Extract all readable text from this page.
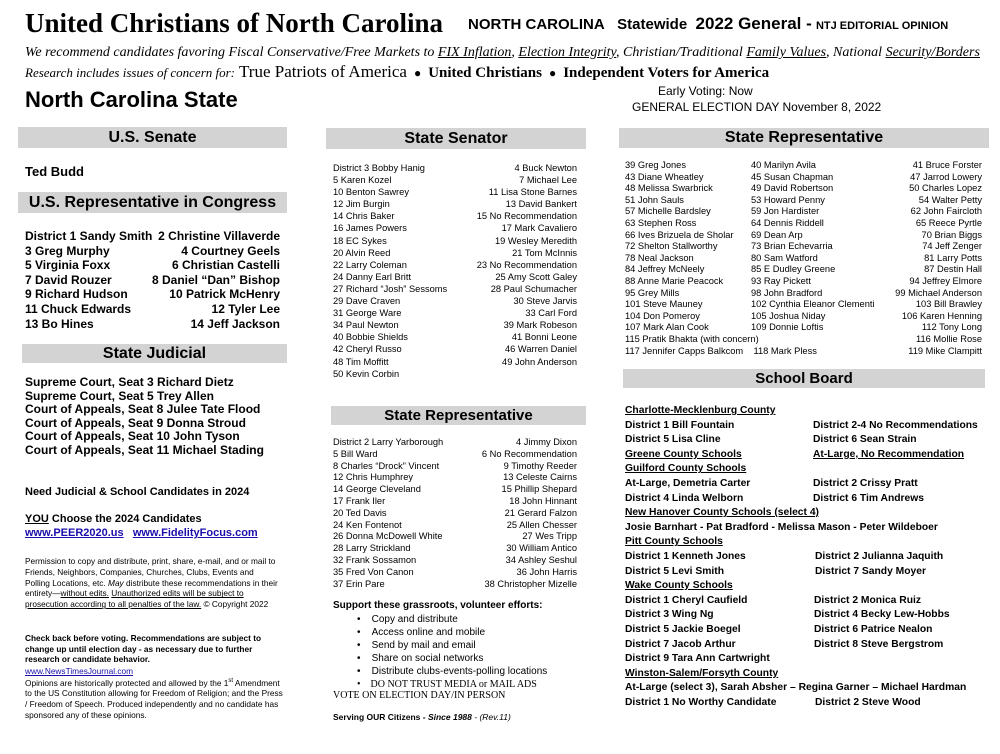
United Christians of North Carolina NORTH CAROLINA Statewide 2022 General - NTJ EDITORIAL OPINION
We recommend candidates favoring Fiscal Conservative/Free Markets to FIX Inflation, Election Integrity, Christian/Traditional Family Values, National Security/Borders
Research includes issues of concern for: True Patriots of America  ●  United Christians  ●  Independent Voters for America
North Carolina State	Early Voting: Now
GENERAL ELECTION DAY November 8, 2022
U.S. Senate
Ted Budd
U.S. Representative in Congress
District 1 Sandy Smith 2 Christine Villaverde
3 Greg Murphy	4 Courtney Geels
5 Virginia Foxx	6 Christian Castelli
7 David Rouzer	8 Daniel “Dan” Bishop
9 Richard Hudson	10 Patrick McHenry
11 Chuck Edwards	12 Tyler Lee
13 Bo Hines	14 Jeff Jackson
State Judicial
Supreme Court, Seat 3 Richard Dietz
Supreme Court, Seat 5 Trey Allen
Court of Appeals, Seat 8 Julee Tate Flood
Court of Appeals, Seat 9 Donna Stroud
Court of Appeals, Seat 10 John Tyson
Court of Appeals, Seat 11 Michael Stading
Need Judicial & School Candidates in 2024
YOU Choose the 2024 Candidates
www.PEER2020.us www.FidelityFocus.com
Permission to copy and distribute, print, share, e-mail, and or mail to Friends, Neighbors, Companies, Churches, Clubs, Events and Polling Locations, etc. May distribute these recommendations in their entirety—without edits. Unauthorized edits will be subject to prosecution according to all penalties of the law. © Copyright 2022
Check back before voting. Recommendations are subject to change up until election day - as necessary due to further research or candidate behavior.
www.NewsTimesJournal.com
Opinions are historically protected and allowed by the 1st Amendment to the US Constitution allowing for Freedom of Religion; and the Press / Freedom of Speech. Produced independently and no candidate has sponsored any of these opinions.
State Senator
District 3 Bobby Hanig	4 Buck Newton
5 Karen Kozel	7 Michael Lee
10 Benton Sawrey	11 Lisa Stone Barnes
12 Jim Burgin	13 David Bankert
14 Chris Baker	15 No Recommendation
16 James Powers	17 Mark Cavaliero
18 EC Sykes	19 Wesley Meredith
20 Alvin Reed	21 Tom McInnis
22 Larry Coleman	23 No Recommendation
24 Danny Earl Britt	25 Amy Scott Galey
27 Richard “Josh” Sessoms	28 Paul Schumacher
29 Dave Craven	30 Steve Jarvis
31 George Ware	33 Carl Ford
34 Paul Newton	39 Mark Robeson
40 Bobbie Shields	41 Bonni Leone
42 Cheryl Russo	46 Warren Daniel
48 Tim Moffitt	49 John Anderson
50 Kevin Corbin
State Representative
District 2 Larry Yarborough	4 Jimmy Dixon
5 Bill Ward	6 No Recommendation
8 Charles “Drock” Vincent	9 Timothy Reeder
12 Chris Humphrey	13 Celeste Cairns
14 George Cleveland	15 Phillip Shepard
17 Frank Iler	18 John Hinnant
20 Ted Davis	21 Gerard Falzon
24 Ken Fontenot	25 Allen Chesser
26 Donna McDowell White	27 Wes Tripp
28 Larry Strickland	30 William Antico
32 Frank Sossamon	34 Ashley Seshul
35 Fred Von Canon	36 John Harris
37 Erin Pare	38 Christopher Mizelle
Support these grassroots, volunteer efforts:
•    Copy and distribute
•    Access online and mobile
•    Send by mail and email
•    Share on social networks
•    Distribute clubs-events-polling locations
•    DO NOT TRUST MEDIA or MAIL ADS
VOTE ON ELECTION DAY/IN PERSON
Serving OUR Citizens - Since 1988 - (Rev.11)
State Representative
39 Greg Jones	40 Marilyn Avila	41 Bruce Forster
43 Diane Wheatley	45 Susan Chapman	47 Jarrod Lowery
48 Melissa Swarbrick	49 David Robertson	50 Charles Lopez
51 John Sauls	53 Howard Penny	54 Walter Petty
57 Michelle Bardsley	59 Jon Hardister	62 John Faircloth
63 Stephen Ross	64 Dennis Riddell	65 Reece Pyrtle
66 Ives Brizuela de Sholar	69 Dean Arp	70 Brian Biggs
72 Shelton Stallworthy	73 Brian Echevarria	74 Jeff Zenger
78 Neal Jackson	80 Sam Watford	81 Larry Potts
84 Jeffrey McNeely	85 E Dudley Greene	87 Destin Hall
88 Anne Marie Peacock	93 Ray Pickett	94 Jeffrey Elmore
95 Grey Mills	98 John Bradford	99 Michael Anderson
101 Steve Mauney	102 Cynthia Eleanor Clementi	103 Bill Brawley
104 Don Pomeroy	105 Joshua Niday	106 Karen Henning
107 Mark Alan Cook	109 Donnie Loftis	112 Tony Long
115 Pratik Bhakta (with concern)	116 Mollie Rose
117 Jennifer Capps Balkcom 118 Mark Pless	119 Mike Clampitt
School Board
Charlotte-Mecklenburg County
District 1 Bill Fountain	District 2-4 No Recommendations
District 5 Lisa Cline	District 6 Sean Strain
Greene County Schools	At-Large, No Recommendation
Guilford County Schools
At-Large, Demetria Carter	District 2 Crissy Pratt
District 4 Linda Welborn	District 6 Tim Andrews
New Hanover County Schools (select 4)
Josie Barnhart - Pat Bradford - Melissa Mason - Peter Wildeboer
Pitt County Schools
District 1 Kenneth Jones	District 2 Julianna Jaquith
District 5 Levi Smith	District 7 Sandy Moyer
Wake County Schools
District 1 Cheryl Caufield	District 2 Monica Ruiz
District 3 Wing Ng	District 4 Becky Lew-Hobbs
District 5 Jackie Boegel	District 6 Patrice Nealon
District 7 Jacob Arthur	District 8 Steve Bergstrom
District 9 Tara Ann Cartwright
Winston-Salem/Forsyth County
At-Large (select 3), Sarah Absher – Regina Garner – Michael Hardman
District 1 No Worthy Candidate	District 2 Steve Wood
